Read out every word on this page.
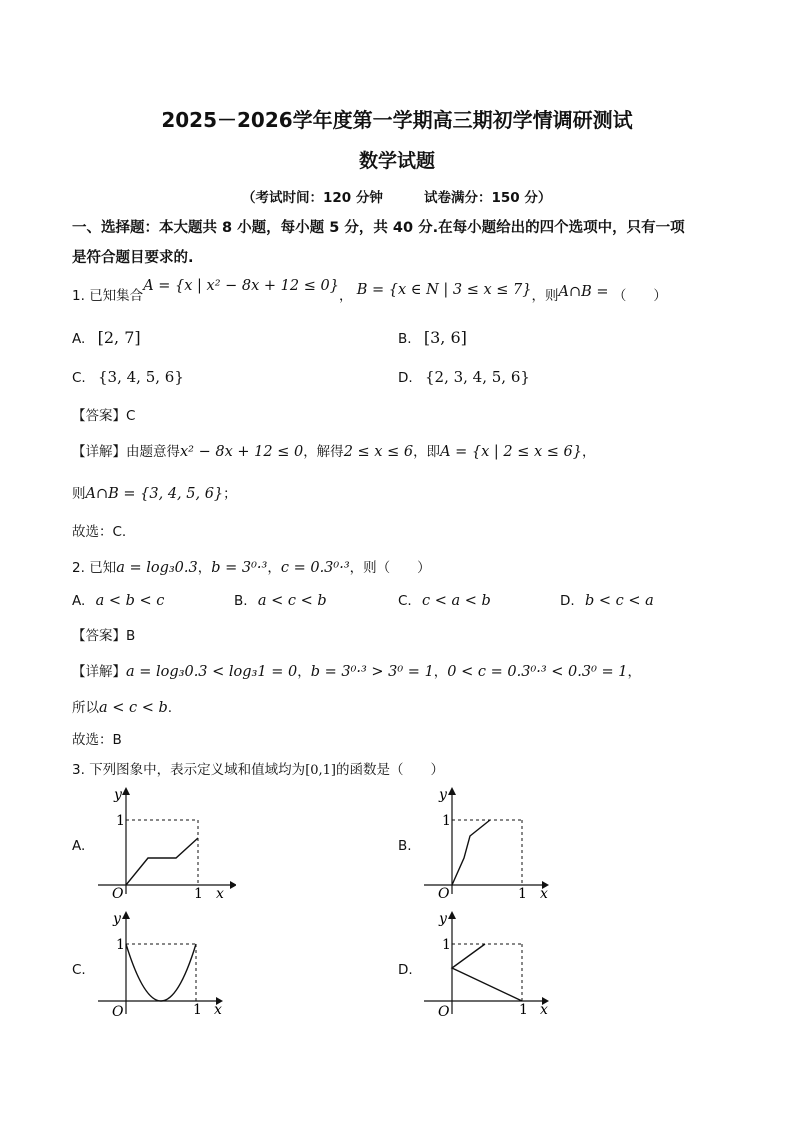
2025－2026学年度第一学期高三期初学情调研测试
数学试题
（考试时间：120 分钟	试卷满分：150 分）
一、选择题：本大题共 8 小题，每小题 5 分，共 40 分.在每小题给出的四个选项中，只有一项
是符合题目要求的.
1. 已知集合A = {x | x² − 8x + 12 ≤ 0}， B = {x ∈ N | 3 ≤ x ≤ 7}，则A∩B = （　　）
A. [2, 7]	B. [3, 6]
C. {3, 4, 5, 6}	D. {2, 3, 4, 5, 6}
【答案】C
【详解】由题意得x² − 8x + 12 ≤ 0，解得2 ≤ x ≤ 6，即A = {x | 2 ≤ x ≤ 6}，
则A∩B = {3, 4, 5, 6}；
故选：C.
2. 已知a = log₃0.3，b = 3⁰·³，c = 0.3⁰·³，则（　　）
A. a < b < c	B. a < c < b	C. c < a < b	D. b < c < a
【答案】B
【详解】a = log₃0.3 < log₃1 = 0，b = 3⁰·³ > 3⁰ = 1，0 < c = 0.3⁰·³ < 0.3⁰ = 1，
所以a < c < b.
故选：B
3. 下列图象中，表示定义域和值域均为[0,1]的函数是（　　）
A.	B.
C.	D.
y
x
O	1
1
y
x
O	1
1
y
x
O	1
1
y
x
O	1
1
